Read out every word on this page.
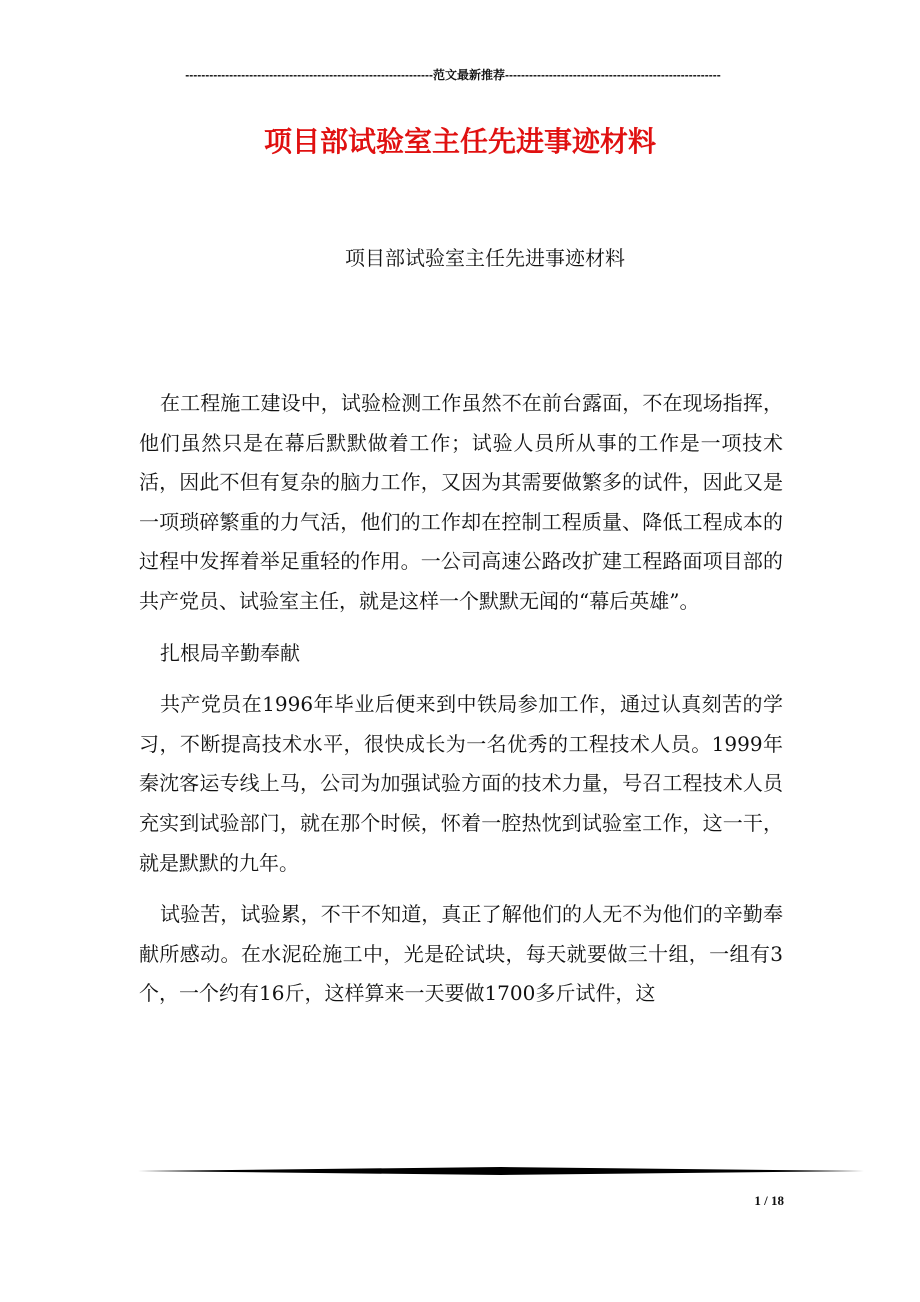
--------------------------------------------------------------范文最新推荐------------------------------------------------------
项目部试验室主任先进事迹材料
项目部试验室主任先进事迹材料

在工程施工建设中，试验检测工作虽然不在前台露面，不在现场指挥，他们虽然只是在幕后默默做着工作；试验人员所从事的工作是一项技术活，因此不但有复杂的脑力工作，又因为其需要做繁多的试件，因此又是一项琐碎繁重的力气活，他们的工作却在控制工程质量、降低工程成本的过程中发挥着举足重轻的作用。一公司高速公路改扩建工程路面项目部的共产党员、试验室主任，就是这样一个默默无闻的“幕后英雄”。

扎根局辛勤奉献

共产党员在1996年毕业后便来到中铁局参加工作，通过认真刻苦的学习，不断提高技术水平，很快成长为一名优秀的工程技术人员。1999年秦沈客运专线上马，公司为加强试验方面的技术力量，号召工程技术人员充实到试验部门，就在那个时候，怀着一腔热忱到试验室工作，这一干，就是默默的九年。

试验苦，试验累，不干不知道，真正了解他们的人无不为他们的辛勤奉献所感动。在水泥砼施工中，光是砼试块，每天就要做三十组，一组有3个，一个约有16斤，这样算来一天要做1700多斤试件，这

1 / 18
